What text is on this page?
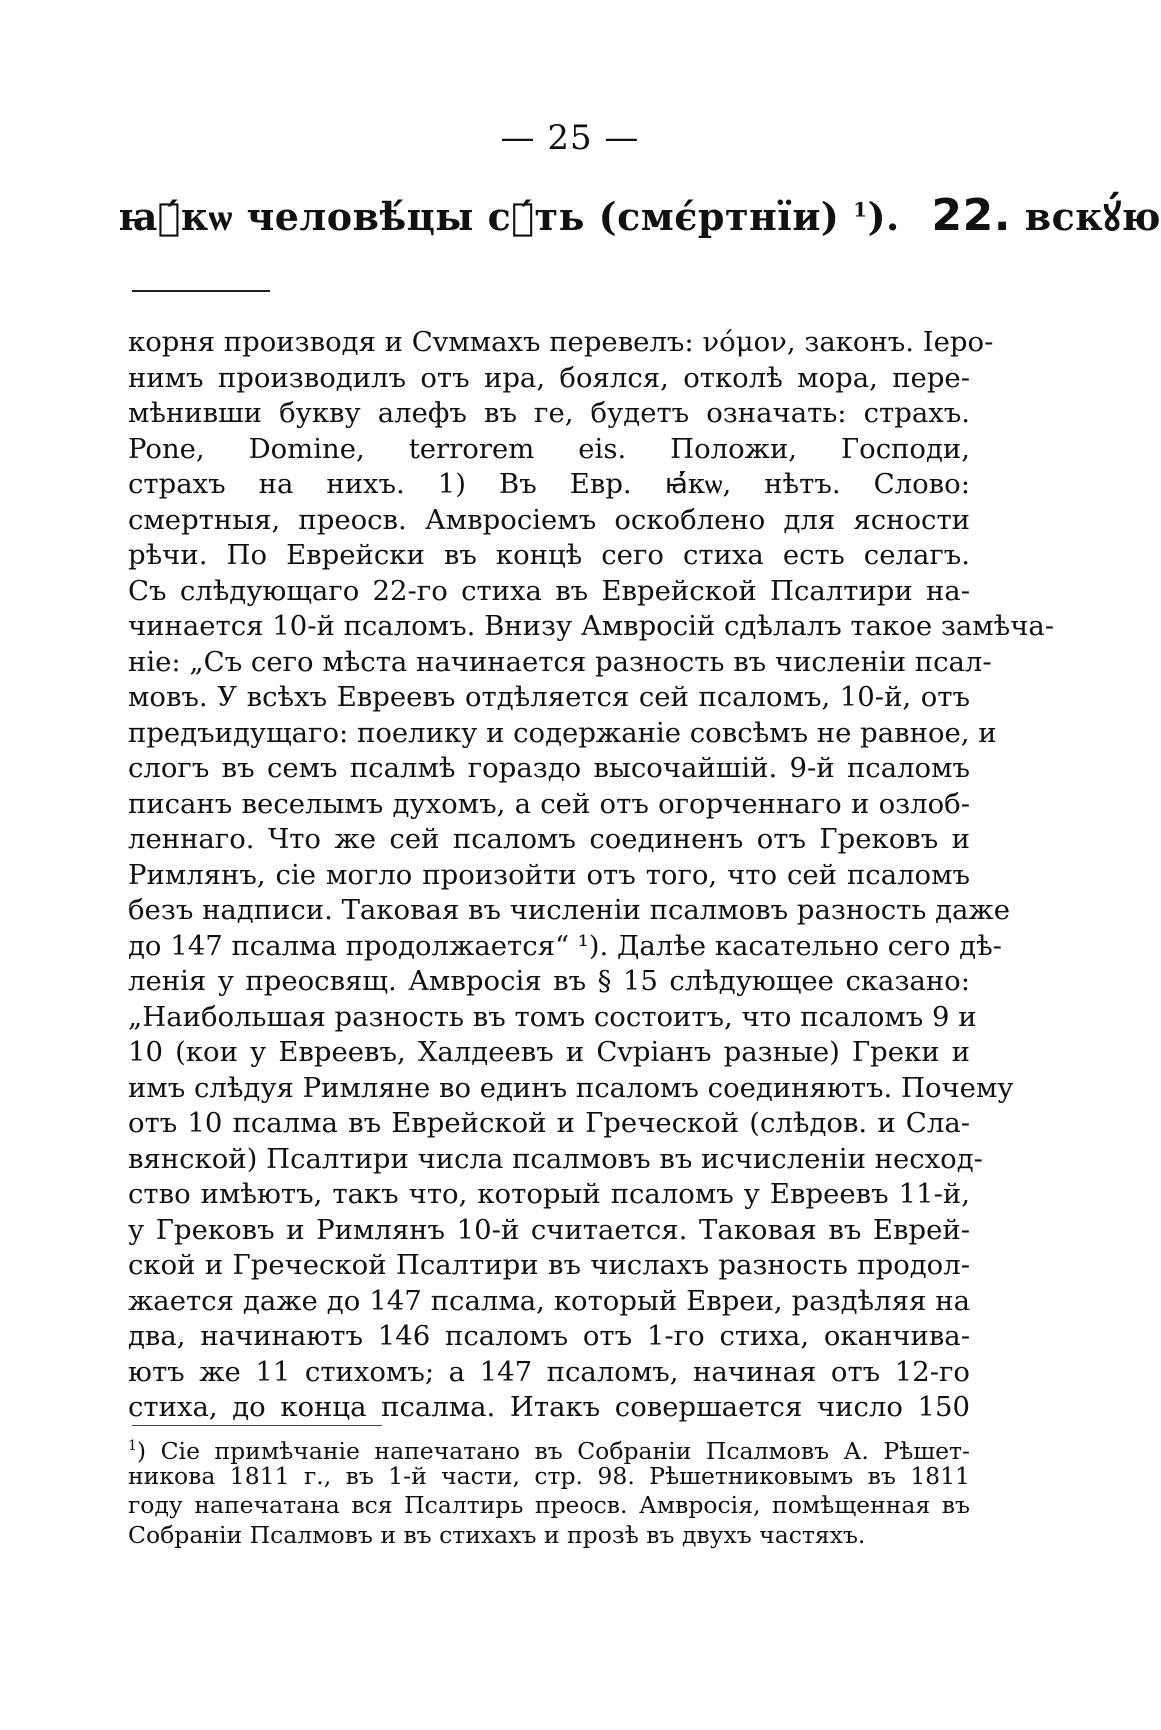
— 25 —
ꙗ҆́кѡ человѣ́цы сꙋ́ть (смє́ртнїи) $^1$). 22. вскꙋ́ю
корня производя и Сvммахъ перевелъ: νόμον, законъ. Іеро-
нимъ производилъ отъ ира, боялся, отколѣ мора, пере-
мѣнивши букву алефъ въ ге, будетъ означать: страхъ.
Pone, Domine, terrorem eis. Положи, Господи,
страхъ на нихъ. 1) Въ Евр. ꙗ҆́кѡ, нѣтъ. Слово:
смертныя, преосв. Амвросіемъ оскоблено для ясности
рѣчи. По Еврейски въ концѣ сего стиха есть селагъ.
Съ слѣдующаго 22-го стиха въ Еврейской Псалтири на-
чинается 10-й псаломъ. Внизу Амвросій сдѣлалъ такое замѣча-
ніе: „Съ сего мѣста начинается разность въ численіи псал-
мовъ. У всѣхъ Евреевъ отдѣляется сей псаломъ, 10-й, отъ
предъидущаго: поелику и содержаніе совсѣмъ не равное, и
слогъ въ семъ псалмѣ гораздо высочайшій. 9-й псаломъ
писанъ веселымъ духомъ, а сей отъ огорченнаго и озлоб-
леннаго. Что же сей псаломъ соединенъ отъ Грековъ и
Римлянъ, сіе могло произойти отъ того, что сей псаломъ
безъ надписи. Таковая въ численіи псалмовъ разность даже
до 147 псалма продолжается“ ¹). Далѣе касательно сего дѣ-
ленія у преосвящ. Амвросія въ § 15 слѣдующее сказано:
„Наибольшая разность въ томъ состоитъ, что псаломъ 9 и
10 (кои у Евреевъ, Халдеевъ и Сvріанъ разные) Греки и
имъ слѣдуя Римляне во единъ псаломъ соединяютъ. Почему
отъ 10 псалма въ Еврейской и Греческой (слѣдов. и Сла-
вянской) Псалтири числа псалмовъ въ исчисленіи несход-
ство имѣютъ, такъ что, который псаломъ у Евреевъ 11-й,
у Грековъ и Римлянъ 10-й считается. Таковая въ Еврей-
ской и Греческой Псалтири въ числахъ разность продол-
жается даже до 147 псалма, который Евреи, раздѣляя на
два, начинаютъ 146 псаломъ отъ 1-го стиха, оканчива-
ютъ же 11 стихомъ; а 147 псаломъ, начиная отъ 12-го
стиха, до конца псалма. Итакъ совершается число 150
$^1$) Сіе примѣчаніе напечатано въ Собраніи Псалмовъ А. Рѣшет-
никова 1811 г., въ 1-й части, стр. 98. Рѣшетниковымъ въ 1811
году напечатана вся Псалтирь преосв. Амвросія, помѣщенная въ
Собраніи Псалмовъ и въ стихахъ и прозѣ въ двухъ частяхъ.
